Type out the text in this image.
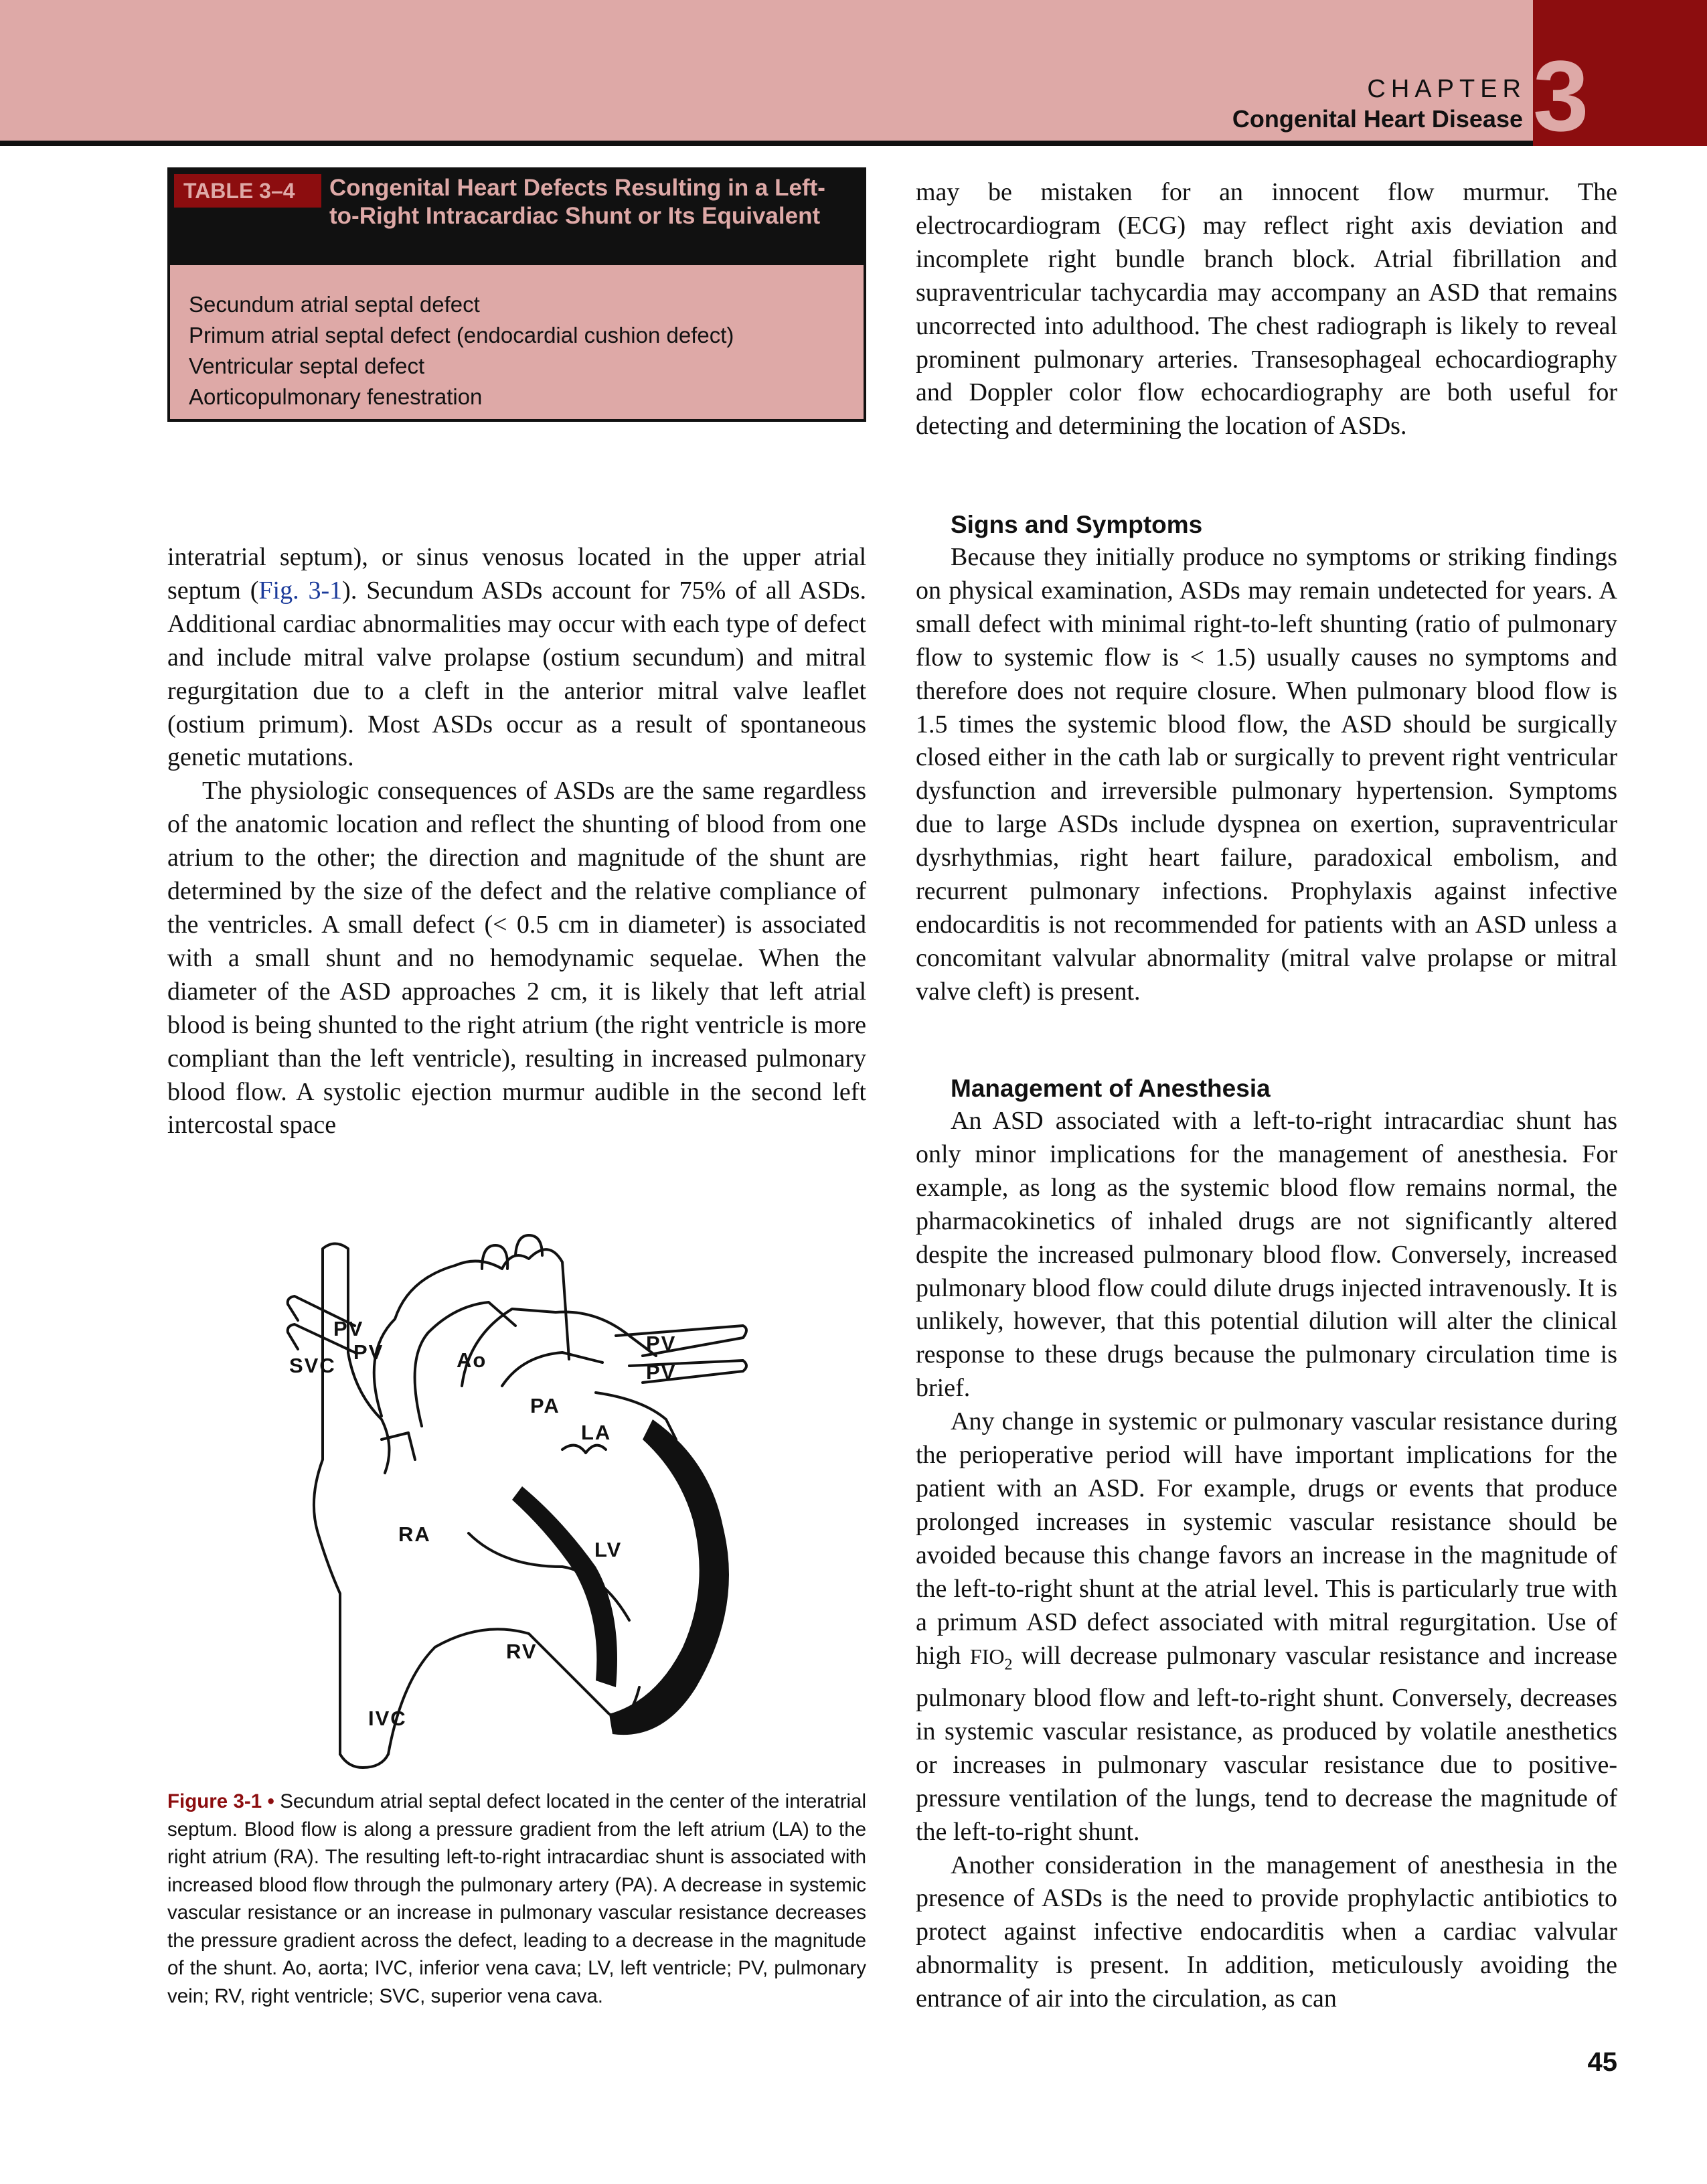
3
CHAPTER
Congenital Heart Disease
TABLE 3–4	Congenital Heart Defects Resulting in a Left-to-Right Intracardiac Shunt or Its Equivalent
Secundum atrial septal defect
Primum atrial septal defect (endocardial cushion defect)
Ventricular septal defect
Aorticopulmonary fenestration

interatrial septum), or sinus venosus located in the upper atrial septum (Fig. 3-1). Secundum ASDs account for 75% of all ASDs. Additional cardiac abnormalities may occur with each type of defect and include mitral valve prolapse (ostium secundum) and mitral regurgitation due to a cleft in the anterior mitral valve leaflet (ostium primum). Most ASDs occur as a result of spontaneous genetic mutations.

The physiologic consequences of ASDs are the same regardless of the anatomic location and reflect the shunting of blood from one atrium to the other; the direction and magnitude of the shunt are determined by the size of the defect and the relative compliance of the ventricles. A small defect (< 0.5 cm in diameter) is associated with a small shunt and no hemodynamic sequelae. When the diameter of the ASD approaches 2 cm, it is likely that left atrial blood is being shunted to the right atrium (the right ventricle is more compliant than the left ventricle), resulting in increased pulmonary blood flow. A systolic ejection murmur audible in the second left intercostal space

PV
PV
SVC	Ao
PA
LA
PV
PV
RA
LV
RV
IVC
Figure 3-1 • Secundum atrial septal defect located in the center of the interatrial septum. Blood flow is along a pressure gradient from the left atrium (LA) to the right atrium (RA). The resulting left-to-right intracardiac shunt is associated with increased blood flow through the pulmonary artery (PA). A decrease in systemic vascular resistance or an increase in pulmonary vascular resistance decreases the pressure gradient across the defect, leading to a decrease in the magnitude of the shunt. Ao, aorta; IVC, inferior vena cava; LV, left ventricle; PV, pulmonary vein; RV, right ventricle; SVC, superior vena cava.

may be mistaken for an innocent flow murmur. The electrocardiogram (ECG) may reflect right axis deviation and incomplete right bundle branch block. Atrial fibrillation and supraventricular tachycardia may accompany an ASD that remains uncorrected into adulthood. The chest radiograph is likely to reveal prominent pulmonary arteries. Transesophageal echocardiography and Doppler color flow echocardiography are both useful for detecting and determining the location of ASDs.

Signs and Symptoms

Because they initially produce no symptoms or striking findings on physical examination, ASDs may remain undetected for years. A small defect with minimal right-to-left shunting (ratio of pulmonary flow to systemic flow is < 1.5) usually causes no symptoms and therefore does not require closure. When pulmonary blood flow is 1.5 times the systemic blood flow, the ASD should be surgically closed either in the cath lab or surgically to prevent right ventricular dysfunction and irreversible pulmonary hypertension. Symptoms due to large ASDs include dyspnea on exertion, supraventricular dysrhythmias, right heart failure, paradoxical embolism, and recurrent pulmonary infections. Prophylaxis against infective endocarditis is not recommended for patients with an ASD unless a concomitant valvular abnormality (mitral valve prolapse or mitral valve cleft) is present.

Management of Anesthesia

An ASD associated with a left-to-right intracardiac shunt has only minor implications for the management of anesthesia. For example, as long as the systemic blood flow remains normal, the pharmacokinetics of inhaled drugs are not significantly altered despite the increased pulmonary blood flow. Conversely, increased pulmonary blood flow could dilute drugs injected intravenously. It is unlikely, however, that this potential dilution will alter the clinical response to these drugs because the pulmonary circulation time is brief.

Any change in systemic or pulmonary vascular resistance during the perioperative period will have important implications for the patient with an ASD. For example, drugs or events that produce prolonged increases in systemic vascular resistance should be avoided because this change favors an increase in the magnitude of the left-to-right shunt at the atrial level. This is particularly true with a primum ASD defect associated with mitral regurgitation. Use of high $FIO_2$ will decrease pulmonary vascular resistance and increase pulmonary blood flow and left-to-right shunt. Conversely, decreases in systemic vascular resistance, as produced by volatile anesthetics or increases in pulmonary vascular resistance due to positive-pressure ventilation of the lungs, tend to decrease the magnitude of the left-to-right shunt.

Another consideration in the management of anesthesia in the presence of ASDs is the need to provide prophylactic antibiotics to protect against infective endocarditis when a cardiac valvular abnormality is present. In addition, meticulously avoiding the entrance of air into the circulation, as can

45
